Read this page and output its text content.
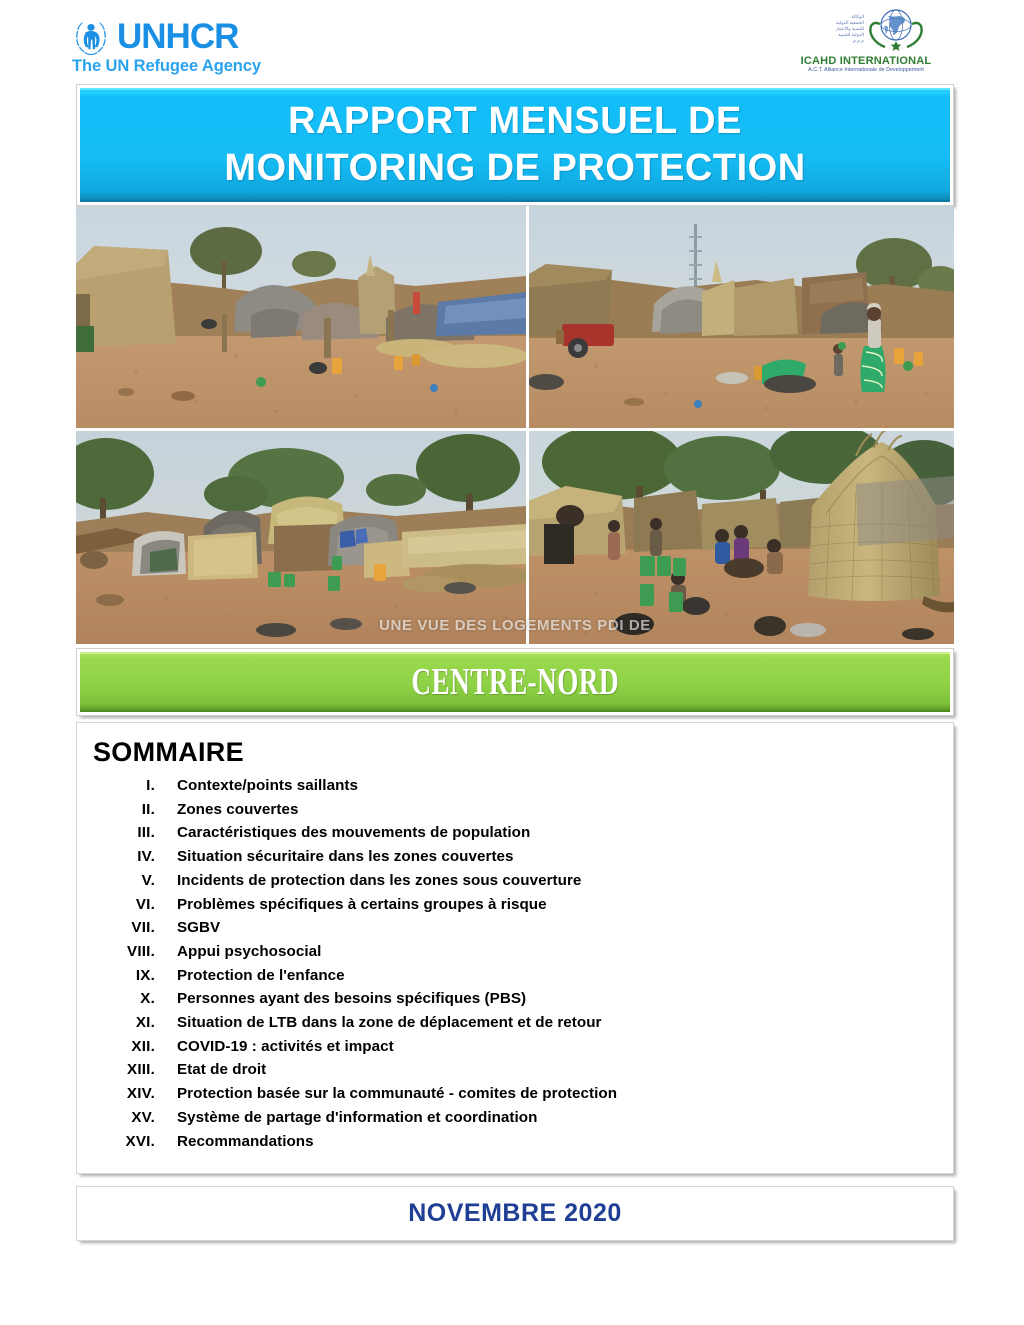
UNHCR
The UN Refugee Agency
الوكالة
الجمعية الدولية
للتنمية والاعمار
الدولية للتنمية
م م م
ICAHD INTERNATIONAL
A.C.T. Alliance Internationale de Developpement
RAPPORT MENSUEL DE
MONITORING DE PROTECTION
UNE VUE DES LOGEMENTS PDI DE
CENTRE-NORD
SOMMAIRE
I.	Contexte/points saillants
II.	Zones couvertes
III.	Caractéristiques des mouvements de population
IV.	Situation sécuritaire dans les zones couvertes
V.	Incidents de protection dans les zones sous couverture
VI.	Problèmes spécifiques à certains groupes à risque
VII.	SGBV
VIII.	Appui psychosocial
IX.	Protection de l'enfance
X.	Personnes ayant des besoins spécifiques (PBS)
XI.	Situation de LTB dans la zone de déplacement et de retour
XII.	COVID-19 : activités et impact
XIII.	Etat de droit
XIV.	Protection basée sur la communauté - comites de protection
XV.	Système de partage d'information et coordination
XVI.	Recommandations
NOVEMBRE 2020
